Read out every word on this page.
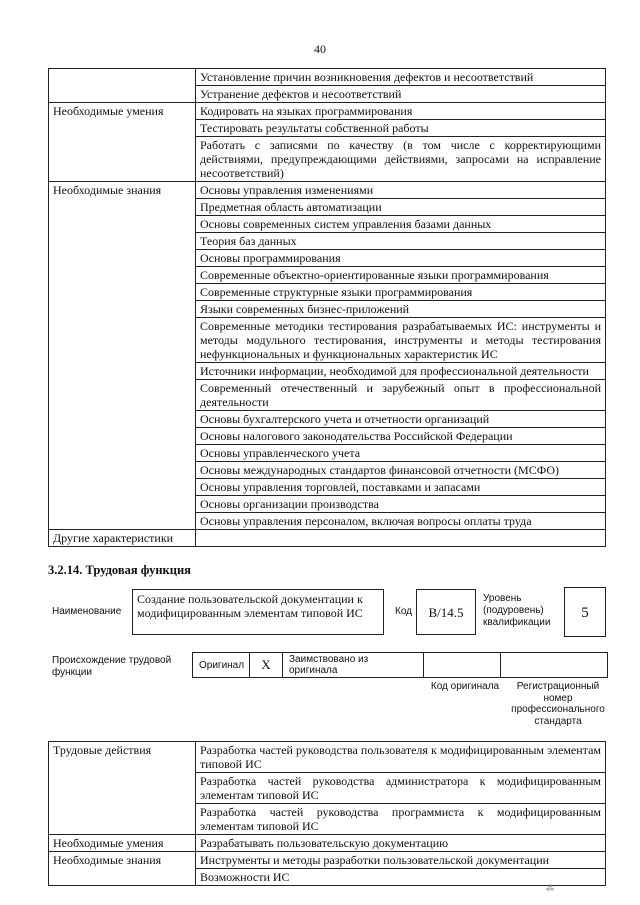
40
	Установление причин возникновения дефектов и несоответствий
	Устранение дефектов и несоответствий
Необходимые умения	Кодировать на языках программирования
	Тестировать результаты собственной работы
	Работать с записями по качеству (в том числе с корректирующими действиями, предупреждающими действиями, запросами на исправление несоответствий)
Необходимые знания	Основы управления изменениями
	Предметная область автоматизации
	Основы современных систем управления базами данных
	Теория баз данных
	Основы программирования
	Современные объектно-ориентированные языки программирования
	Современные структурные языки программирования
	Языки современных бизнес-приложений
	Современные методики тестирования разрабатываемых ИС: инструменты и методы модульного тестирования, инструменты и методы тестирования нефункциональных и функциональных характеристик ИС
	Источники информации, необходимой для профессиональной деятельности
	Современный отечественный и зарубежный опыт в профессиональной деятельности
	Основы бухгалтерского учета и отчетности организаций
	Основы налогового законодательства Российской Федерации
	Основы управленческого учета
	Основы международных стандартов финансовой отчетности (МСФО)
	Основы управления торговлей, поставками и запасами
	Основы организации производства
	Основы управления персоналом, включая вопросы оплаты труда
Другие характеристики	
3.2.14. Трудовая функция
Наименование
Создание пользовательской документации к модифицированным элементам типовой ИС	Код	B/14.5
Уровень (подуровень) квалификации
5
Происхождение трудовой функции
Оригинал	X	Заимствовано из оригинала
Код оригинала	Регистрационный номер профессионального стандарта
Трудовые действия	Разработка частей руководства пользователя к модифицированным элементам типовой ИС
	Разработка частей руководства администратора к модифицированным элементам типовой ИС
	Разработка частей руководства программиста к модифицированным элементам типовой ИС
Необходимые умения	Разрабатывать пользовательскую документацию
Необходимые знания	Инструменты и методы разработки пользовательской документации
	Возможности ИС
⁂
